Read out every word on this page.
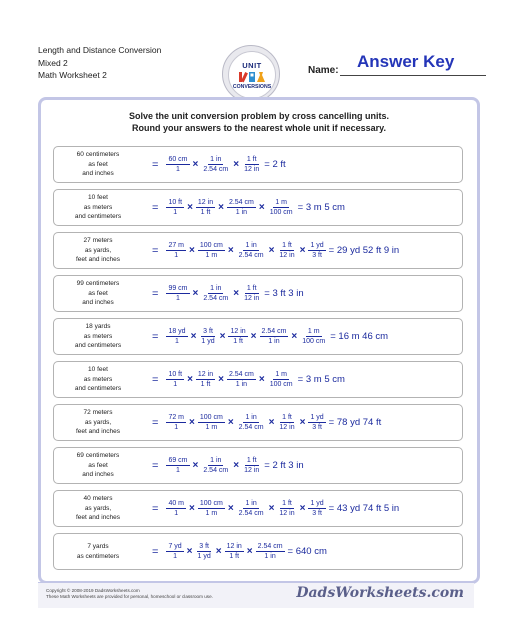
Length and Distance Conversion
Mixed 2
Math Worksheet 2
UNIT
CONVERSIONS
Answer Key
Name:
Solve the unit conversion problem by cross cancelling units.
Round your answers to the nearest whole unit if necessary.
60 centimeters
as feet
and inches
= $\frac{60 cm}{1} \times \frac{1 in}{2.54 cm} \times \frac{1 ft}{12 in} = 2$ ft
10 feet
as meters
and centimeters
= $\frac{10 ft}{1} \times \frac{12 in}{1 ft} \times \frac{2.54 cm}{1 in} \times \frac{1 m}{100 cm} = 3$ m 5 cm
27 meters
as yards,
feet and inches
= $\frac{27 m}{1} \times \frac{100 cm}{1 m} \times \frac{1 in}{2.54 cm} \times \frac{1 ft}{12 in} \times \frac{1 yd}{3 ft} = 29$ yd 52 ft 9 in
99 centimeters
as feet
and inches
= $\frac{99 cm}{1} \times \frac{1 in}{2.54 cm} \times \frac{1 ft}{12 in} = 3$ ft 3 in
18 yards
as meters
and centimeters
= $\frac{18 yd}{1} \times \frac{3 ft}{1 yd} \times \frac{12 in}{1 ft} \times \frac{2.54 cm}{1 in} \times \frac{1 m}{100 cm} = 16$ m 46 cm
10 feet
as meters
and centimeters
= $\frac{10 ft}{1} \times \frac{12 in}{1 ft} \times \frac{2.54 cm}{1 in} \times \frac{1 m}{100 cm} = 3$ m 5 cm
72 meters
as yards,
feet and inches
= $\frac{72 m}{1} \times \frac{100 cm}{1 m} \times \frac{1 in}{2.54 cm} \times \frac{1 ft}{12 in} \times \frac{1 yd}{3 ft} = 78$ yd 74 ft
69 centimeters
as feet
and inches
= $\frac{69 cm}{1} \times \frac{1 in}{2.54 cm} \times \frac{1 ft}{12 in} = 2$ ft 3 in
40 meters
as yards,
feet and inches
= $\frac{40 m}{1} \times \frac{100 cm}{1 m} \times \frac{1 in}{2.54 cm} \times \frac{1 ft}{12 in} \times \frac{1 yd}{3 ft} = 43$ yd 74 ft 5 in
7 yards
as centimeters	= $\frac{7 yd}{1} \times \frac{3 ft}{1 yd} \times \frac{12 in}{1 ft} \times \frac{2.54 cm}{1 in} = 640$ cm
Copyright © 2008-2019 DadsWorksheets.com
These Math Worksheets are provided for personal, homeschool or classroom use.	DadsWorksheets.com
